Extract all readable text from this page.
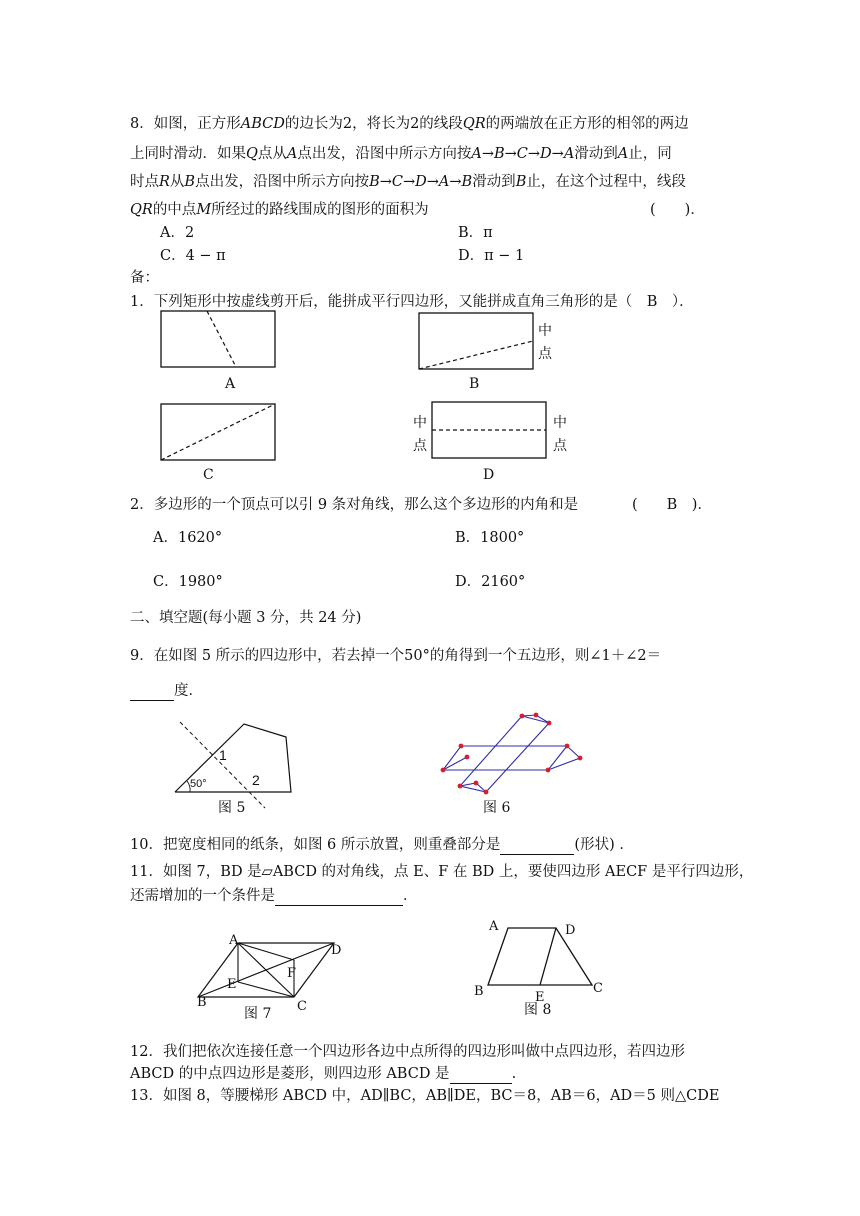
8．如图，正方形ABCD的边长为2，将长为2的线段QR的两端放在正方形的相邻的两边
上同时滑动．如果Q点从A点出发，沿图中所示方向按A→B→C→D→A滑动到A止，同
时点R从B点出发，沿图中所示方向按B→C→D→A→B滑动到B止，在这个过程中，线段
QR的中点M所经过的路线围成的图形的面积为	(　　)．
A．2	B．π
C．4 − π	D．π − 1
备：
1．下列矩形中按虚线剪开后，能拼成平行四边形，又能拼成直角三角形的是（　B　）．
A	B
C	D
中
点
中
点
中
点
2．多边形的一个顶点可以引 9 条对角线，那么这个多边形的内角和是	(　　B　)．
A．1620°	B．1800°
C．1980°	D．2160°
二、填空题(每小题 3 分，共 24 分)
9．在如图 5 所示的四边形中，若去掉一个50°的角得到一个五边形，则∠1＋∠2＝
度．
50°
1
2
图 5	图 6
10．把宽度相同的纸条，如图 6 所示放置，则重叠部分是	(形状) ．
11．如图 7，BD 是▱ABCD 的对角线，点 E、F 在 BD 上，要使四边形 AECF 是平行四边形，
还需增加的一个条件是	．
A
D
B	C
E
F
图 7
A	D
B	C
E
图 8
12．我们把依次连接任意一个四边形各边中点所得的四边形叫做中点四边形，若四边形
ABCD 的中点四边形是菱形，则四边形 ABCD 是	.
13．如图 8，等腰梯形 ABCD 中，AD∥BC，AB∥DE，BC＝8，AB＝6，AD＝5 则△CDE
